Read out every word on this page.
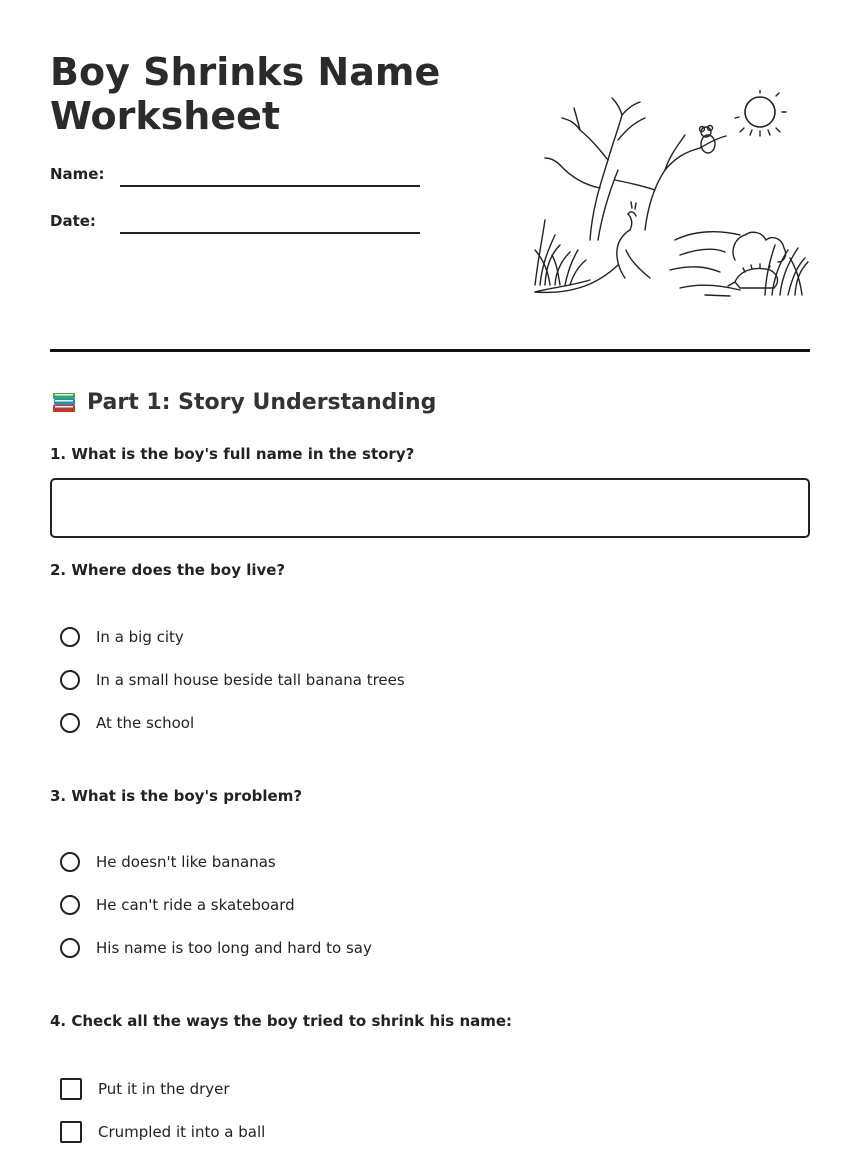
Boy Shrinks Name Worksheet
Name:
Date:
Part 1: Story Understanding
1. What is the boy's full name in the story?
2. Where does the boy live?
In a big city
In a small house beside tall banana trees
At the school
3. What is the boy's problem?
He doesn't like bananas
He can't ride a skateboard
His name is too long and hard to say
4. Check all the ways the boy tried to shrink his name:
Put it in the dryer
Crumpled it into a ball
